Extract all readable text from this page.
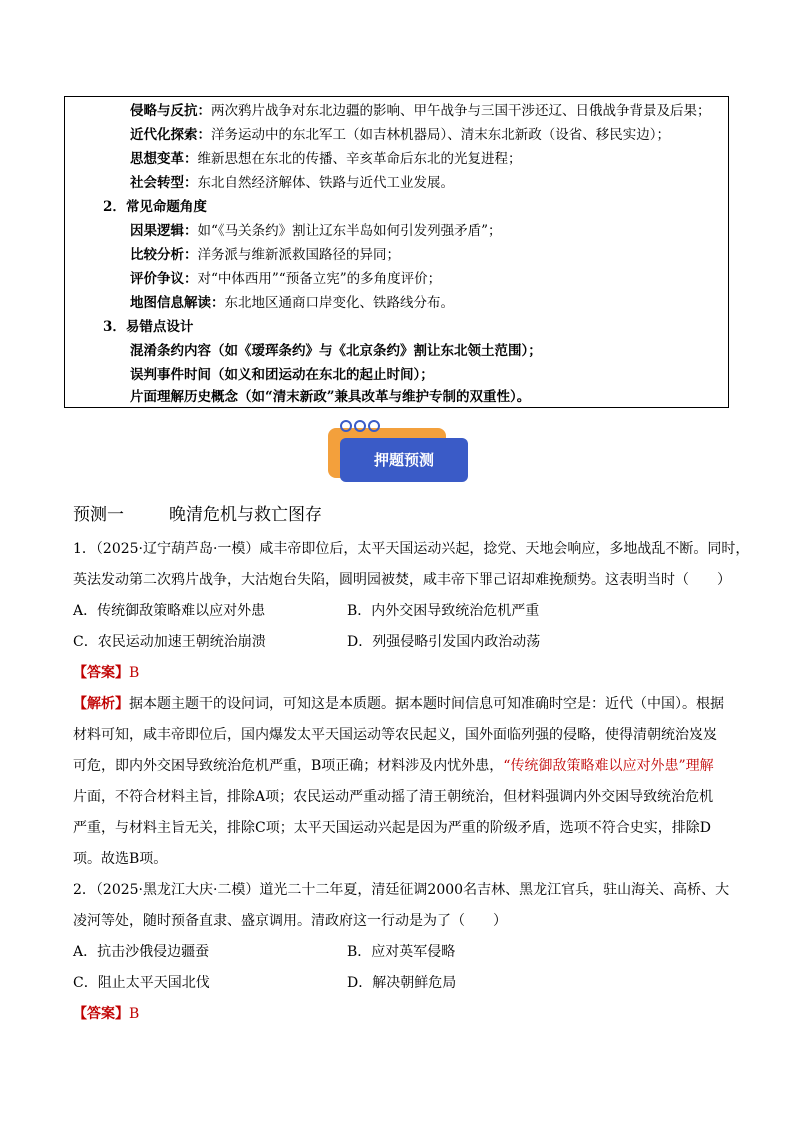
侵略与反抗：两次鸦片战争对东北边疆的影响、甲午战争与三国干涉还辽、日俄战争背景及后果；
近代化探索：洋务运动中的东北军工（如吉林机器局）、清末东北新政（设省、移民实边）；
思想变革：维新思想在东北的传播、辛亥革命后东北的光复进程；
社会转型：东北自然经济解体、铁路与近代工业发展。
2．常见命题角度
因果逻辑：如“《马关条约》割让辽东半岛如何引发列强矛盾”；
比较分析：洋务派与维新派救国路径的异同；
评价争议：对“中体西用”“预备立宪”的多角度评价；
地图信息解读：东北地区通商口岸变化、铁路线分布。
3．易错点设计
混淆条约内容（如《瑷珲条约》与《北京条约》割让东北领土范围）；
误判事件时间（如义和团运动在东北的起止时间）；
片面理解历史概念（如“清末新政”兼具改革与维护专制的双重性）。
押题预测
预测一	晚清危机与救亡图存
1．（2025·辽宁葫芦岛·一模）咸丰帝即位后，太平天国运动兴起，捻党、天地会响应，多地战乱不断。同时，
英法发动第二次鸦片战争，大沽炮台失陷，圆明园被焚，咸丰帝下罪己诏却难挽颓势。这表明当时（　　）
A．传统御敌策略难以应对外患	B．内外交困导致统治危机严重
C．农民运动加速王朝统治崩溃	D．列强侵略引发国内政治动荡
【答案】B
【解析】据本题主题干的设问词，可知这是本质题。据本题时间信息可知准确时空是：近代（中国）。根据
材料可知，咸丰帝即位后，国内爆发太平天国运动等农民起义，国外面临列强的侵略，使得清朝统治岌岌
可危，即内外交困导致统治危机严重，B项正确；材料涉及内忧外患，“传统御敌策略难以应对外患”理解
片面，不符合材料主旨，排除A项；农民运动严重动摇了清王朝统治，但材料强调内外交困导致统治危机
严重，与材料主旨无关，排除C项；太平天国运动兴起是因为严重的阶级矛盾，选项不符合史实，排除D
项。故选B项。
2．（2025·黑龙江大庆·二模）道光二十二年夏，清廷征调2000名吉林、黑龙江官兵，驻山海关、高桥、大
凌河等处，随时预备直隶、盛京调用。清政府这一行动是为了（　　）
A．抗击沙俄侵边疆蚕	B．应对英军侵略
C．阻止太平天国北伐	D．解决朝鲜危局
【答案】B
